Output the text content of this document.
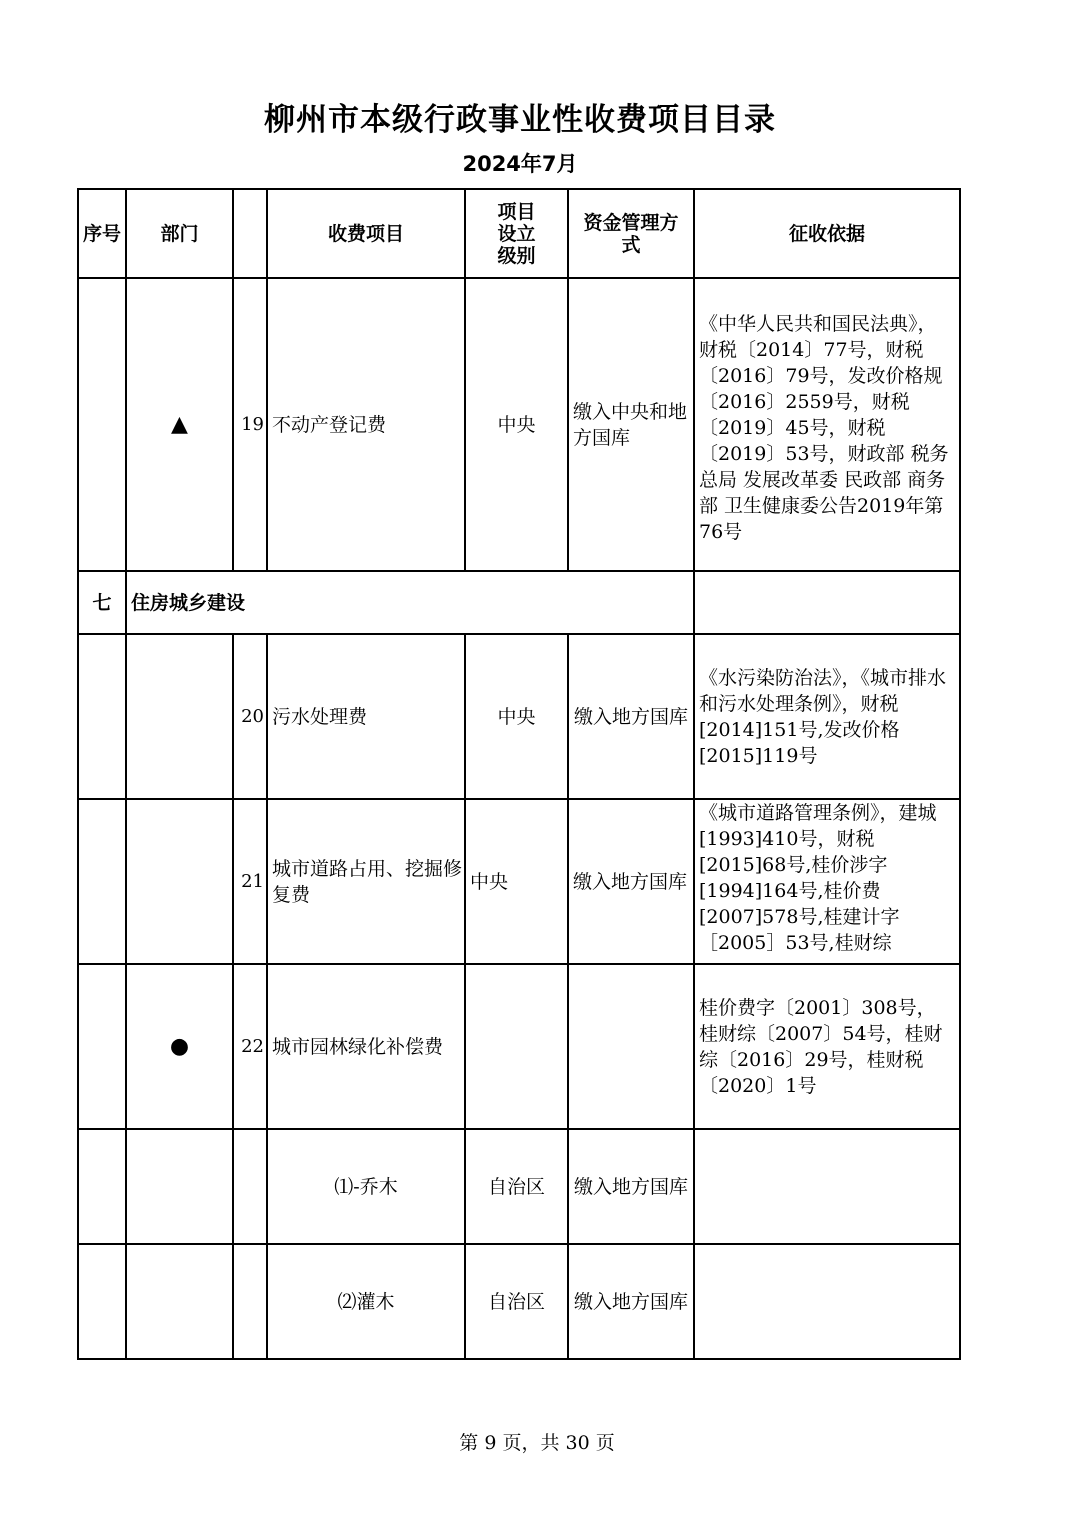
柳州市本级行政事业性收费项目目录
2024年7月
序号	部门		收费项目	项目设立级别	资金管理方式	征收依据
	▲	19	不动产登记费	中央	缴入中央和地方国库	《中华人民共和国民法典》，财税〔2014〕77号，财税〔2016〕79号，发改价格规〔2016〕2559号，财税〔2019〕45号，财税〔2019〕53号，财政部 税务总局 发展改革委 民政部 商务部 卫生健康委公告2019年第76号

七	住房城乡建设					
		20	污水处理费	中央	缴入地方国库	《水污染防治法》，《城市排水和污水处理条例》，财税[2014]151号,发改价格[2015]119号

		21	城市道路占用、挖掘修复费	中央	缴入地方国库	《城市道路管理条例》，建城[1993]410号，财税[2015]68号,桂价涉字[1994]164号,桂价费[2007]578号,桂建计字［2005］53号,桂财综

	●	22	城市园林绿化补偿费			桂价费字〔2001〕308号，桂财综〔2007〕54号，桂财综〔2016〕29号，桂财税〔2020〕1号

			⑴-乔木	自治区	缴入地方国库	
			⑵灌木	自治区	缴入地方国库	
第 9 页，共 30 页
